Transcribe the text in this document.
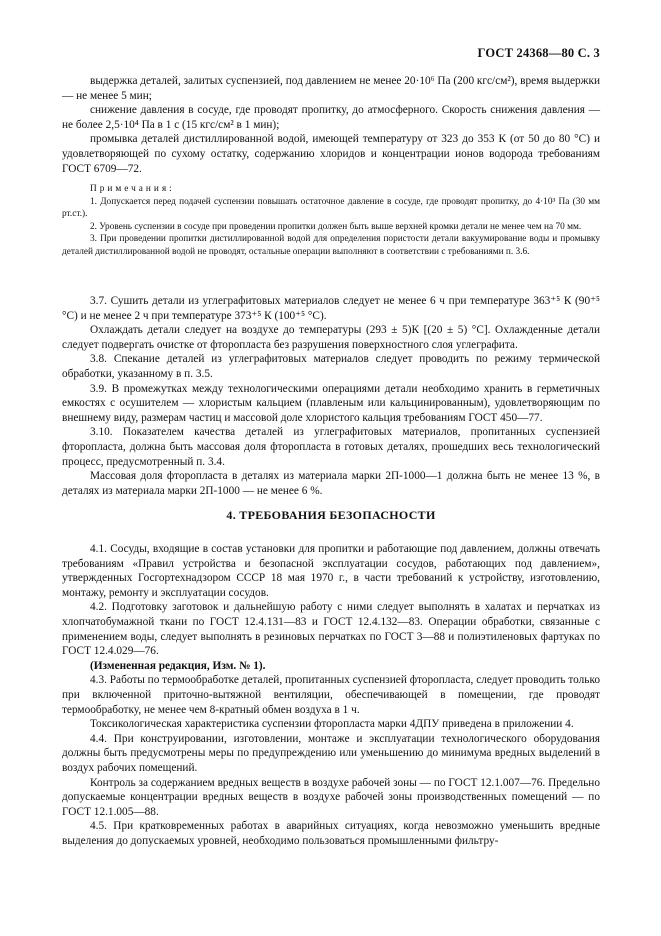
ГОСТ 24368—80 С. 3

выдержка деталей, залитых суспензией, под давлением не менее 20·10⁶ Па (200 кгс/см²), время выдержки — не менее 5 мин;

снижение давления в сосуде, где проводят пропитку, до атмосферного. Скорость снижения давления — не более 2,5·10⁴ Па в 1 с (15 кгс/см² в 1 мин);

промывка деталей дистиллированной водой, имеющей температуру от 323 до 353 К (от 50 до 80 °С) и удовлетворяющей по сухому остатку, содержанию хлоридов и концентрации ионов водорода требованиям ГОСТ 6709—72.

Примечания:

1. Допускается перед подачей суспензии повышать остаточное давление в сосуде, где проводят пропитку, до 4·10³ Па (30 мм рт.ст.).

2. Уровень суспензии в сосуде при проведении пропитки должен быть выше верхней кромки детали не менее чем на 70 мм.

3. При проведении пропитки дистиллированной водой для определения пористости детали вакуумирование воды и промывку деталей дистиллированной водой не проводят, остальные операции выполняют в соответствии с требованиями п. 3.6.

3.7. Сушить детали из углеграфитовых материалов следует не менее 6 ч при температуре 363⁺⁵ К (90⁺⁵ °С) и не менее 2 ч при температуре 373⁺⁵ К (100⁺⁵ °С).

Охлаждать детали следует на воздухе до температуры (293 ± 5)К [(20 ± 5) °С]. Охлажденные детали следует подвергать очистке от фторопласта без разрушения поверхностного слоя углеграфита.

3.8. Спекание деталей из углеграфитовых материалов следует проводить по режиму термической обработки, указанному в п. 3.5.

3.9. В промежутках между технологическими операциями детали необходимо хранить в герметичных емкостях с осушителем — хлористым кальцием (плавленым или кальцинированным), удовлетворяющим по внешнему виду, размерам частиц и массовой доле хлористого кальция требованиям ГОСТ 450—77.

3.10. Показателем качества деталей из углеграфитовых материалов, пропитанных суспензией фторопласта, должна быть массовая доля фторопласта в готовых деталях, прошедших весь технологический процесс, предусмотренный п. 3.4.

Массовая доля фторопласта в деталях из материала марки 2П-1000—1 должна быть не менее 13 %, в деталях из материала марки 2П-1000 — не менее 6 %.

4. ТРЕБОВАНИЯ БЕЗОПАСНОСТИ

4.1. Сосуды, входящие в состав установки для пропитки и работающие под давлением, должны отвечать требованиям «Правил устройства и безопасной эксплуатации сосудов, работающих под давлением», утвержденных Госгортехнадзором СССР 18 мая 1970 г., в части требований к устройству, изготовлению, монтажу, ремонту и эксплуатации сосудов.

4.2. Подготовку заготовок и дальнейшую работу с ними следует выполнять в халатах и перчатках из хлопчатобумажной ткани по ГОСТ 12.4.131—83 и ГОСТ 12.4.132—83. Операции обработки, связанные с применением воды, следует выполнять в резиновых перчатках по ГОСТ 3—88 и полиэтиленовых фартуках по ГОСТ 12.4.029—76.

(Измененная редакция, Изм. № 1).

4.3. Работы по термообработке деталей, пропитанных суспензией фторопласта, следует проводить только при включенной приточно-вытяжной вентиляции, обеспечивающей в помещении, где проводят термообработку, не менее чем 8-кратный обмен воздуха в 1 ч.

Токсикологическая характеристика суспензии фторопласта марки 4ДПУ приведена в приложении 4.

4.4. При конструировании, изготовлении, монтаже и эксплуатации технологического оборудования должны быть предусмотрены меры по предупреждению или уменьшению до минимума вредных выделений в воздух рабочих помещений.

Контроль за содержанием вредных веществ в воздухе рабочей зоны — по ГОСТ 12.1.007—76. Предельно допускаемые концентрации вредных веществ в воздухе рабочей зоны производственных помещений — по ГОСТ 12.1.005—88.

4.5. При кратковременных работах в аварийных ситуациях, когда невозможно уменьшить вредные выделения до допускаемых уровней, необходимо пользоваться промышленными фильтру-
